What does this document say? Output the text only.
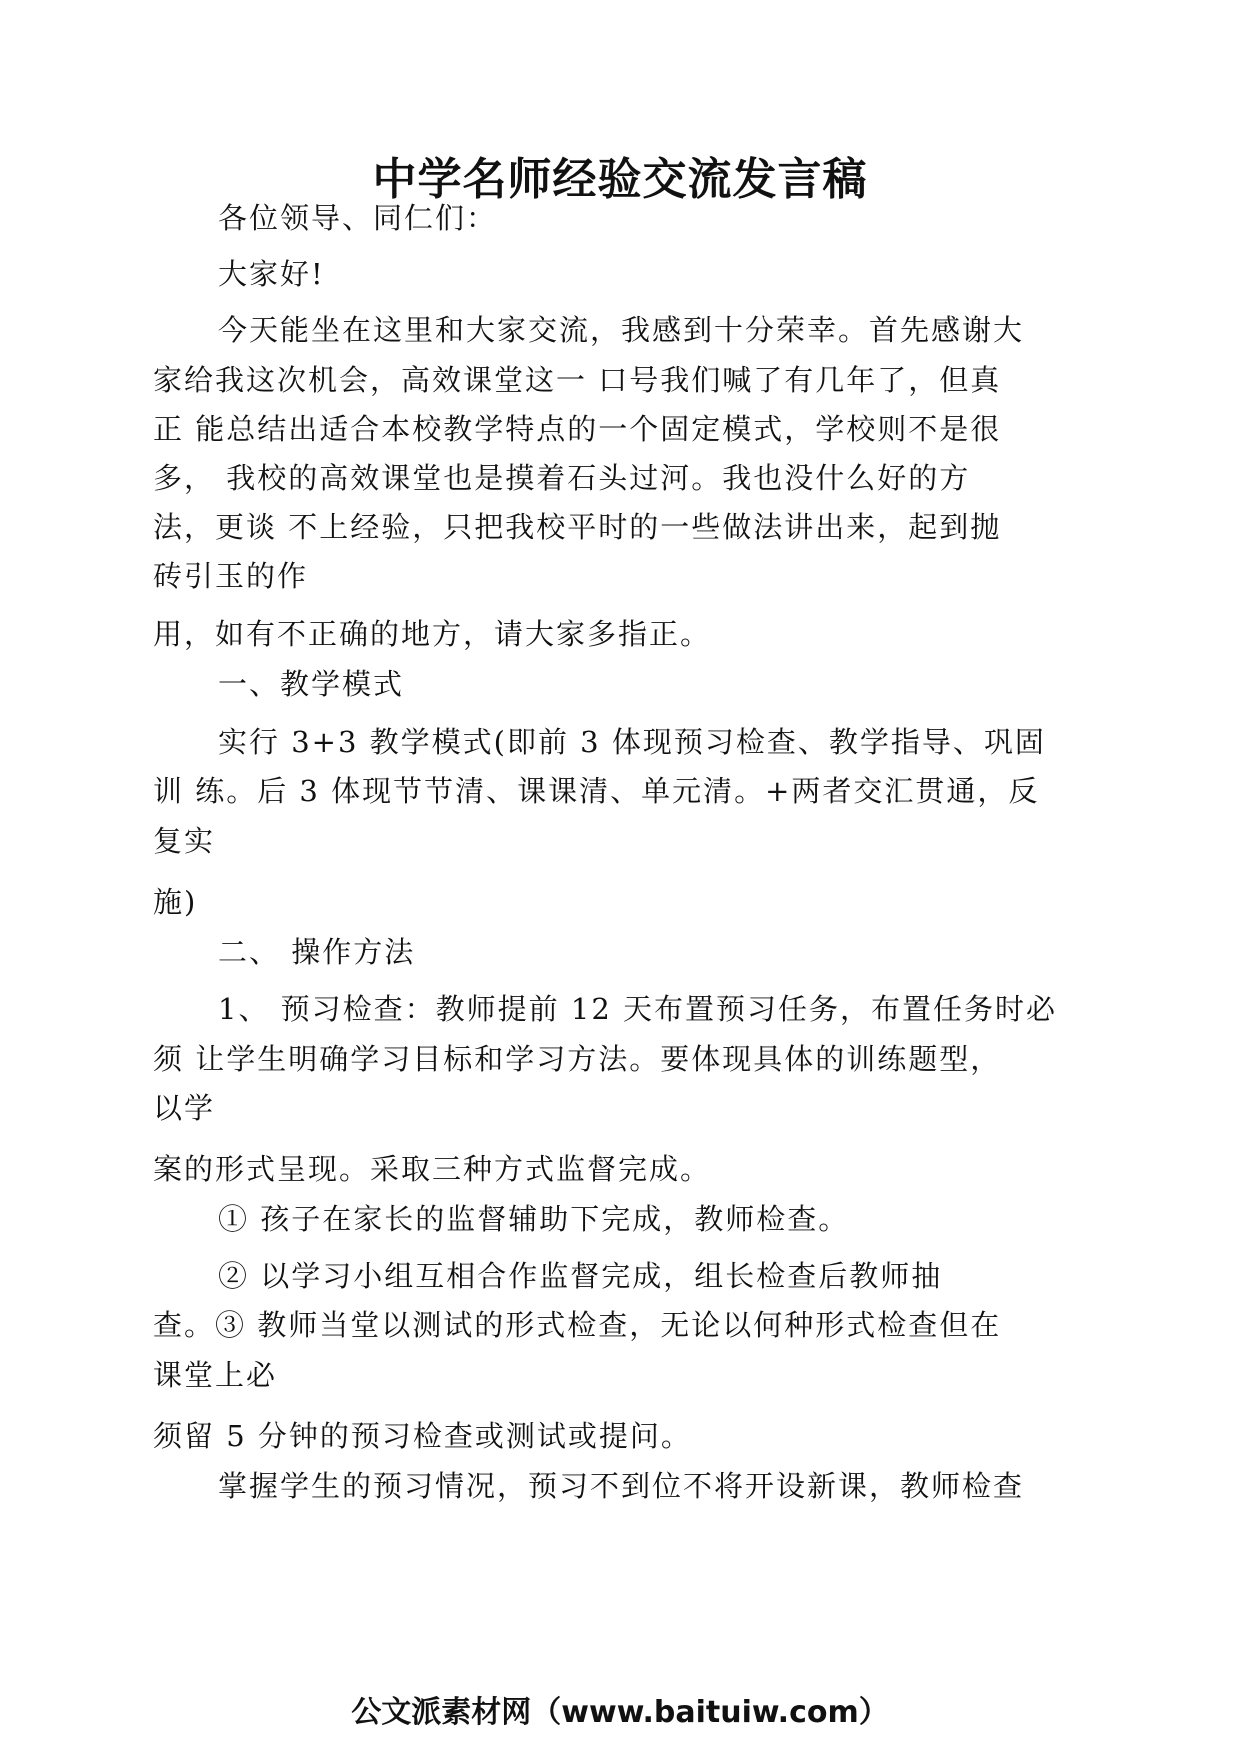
中学名师经验交流发言稿

各位领导、同仁们：

大家好!

今天能坐在这里和大家交流，我感到十分荣幸。首先感谢大

家给我这次机会，高效课堂这一 口号我们喊了有几年了，但真

正 能总结出适合本校教学特点的一个固定模式，学校则不是很

多， 我校的高效课堂也是摸着石头过河。我也没什么好的方

法，更谈 不上经验，只把我校平时的一些做法讲出来，起到抛

砖引玉的作

用，如有不正确的地方，请大家多指正。

一、教学模式

实行 3+3 教学模式(即前 3 体现预习检查、教学指导、巩固

训 练。后 3 体现节节清、课课清、单元清。+两者交汇贯通，反

复实

施)

二、 操作方法

1、 预习检查：教师提前 12 天布置预习任务，布置任务时必

须 让学生明确学习目标和学习方法。要体现具体的训练题型，

以学

案的形式呈现。采取三种方式监督完成。

① 孩子在家长的监督辅助下完成，教师检查。

② 以学习小组互相合作监督完成，组长检查后教师抽

查。③ 教师当堂以测试的形式检查，无论以何种形式检查但在

课堂上必

须留 5 分钟的预习检查或测试或提问。

掌握学生的预习情况，预习不到位不将开设新课，教师检查

公文派素材网（www.baituiw.com）
